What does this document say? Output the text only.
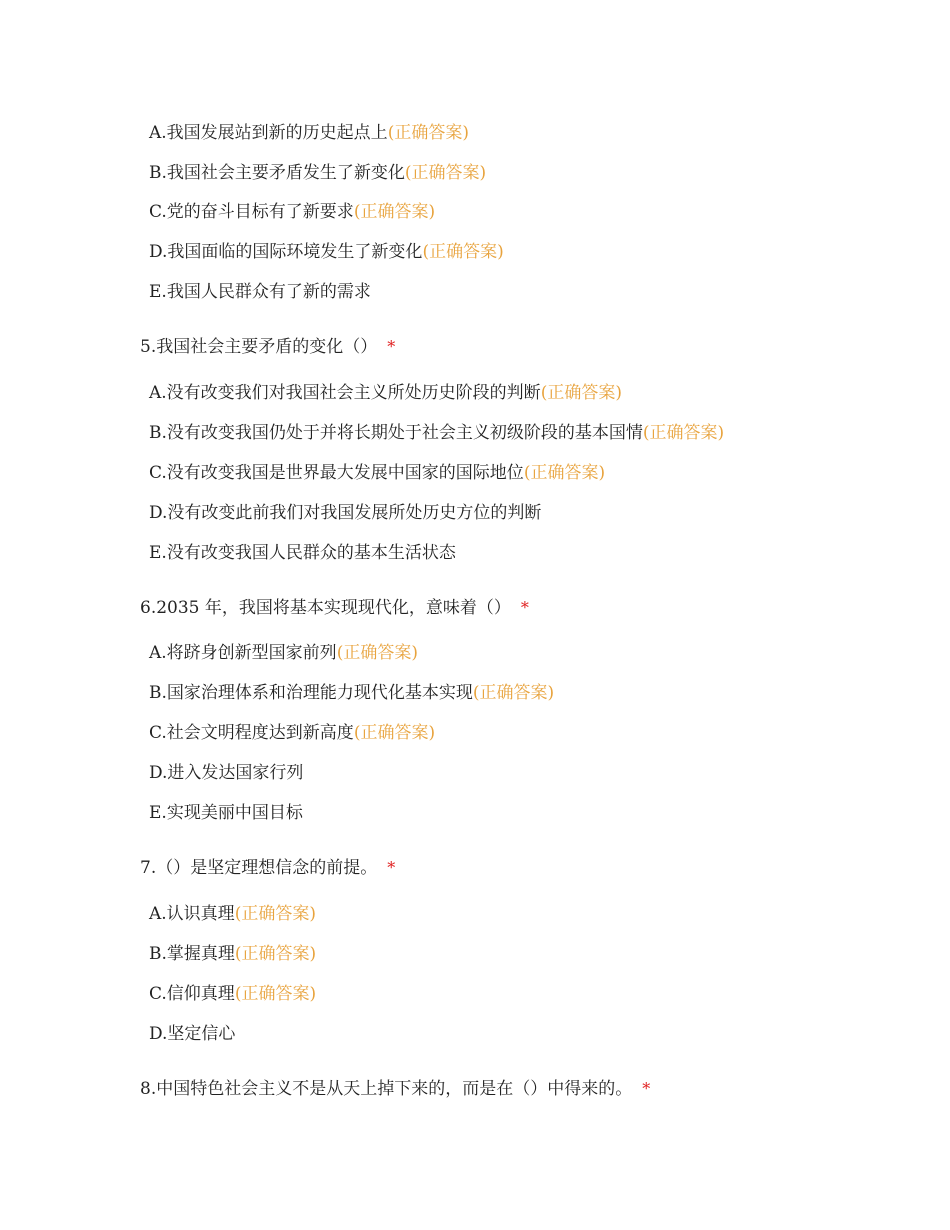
A.我国发展站到新的历史起点上(正确答案)
B.我国社会主要矛盾发生了新变化(正确答案)
C.党的奋斗目标有了新要求(正确答案)
D.我国面临的国际环境发生了新变化(正确答案)
E.我国人民群众有了新的需求
5.我国社会主要矛盾的变化（） *
A.没有改变我们对我国社会主义所处历史阶段的判断(正确答案)
B.没有改变我国仍处于并将长期处于社会主义初级阶段的基本国情(正确答案)
C.没有改变我国是世界最大发展中国家的国际地位(正确答案)
D.没有改变此前我们对我国发展所处历史方位的判断
E.没有改变我国人民群众的基本生活状态
6.2035 年，我国将基本实现现代化，意味着（） *
A.将跻身创新型国家前列(正确答案)
B.国家治理体系和治理能力现代化基本实现(正确答案)
C.社会文明程度达到新高度(正确答案)
D.进入发达国家行列
E.实现美丽中国目标
7.（）是坚定理想信念的前提。 *
A.认识真理(正确答案)
B.掌握真理(正确答案)
C.信仰真理(正确答案)
D.坚定信心
8.中国特色社会主义不是从天上掉下来的，而是在（）中得来的。 *
